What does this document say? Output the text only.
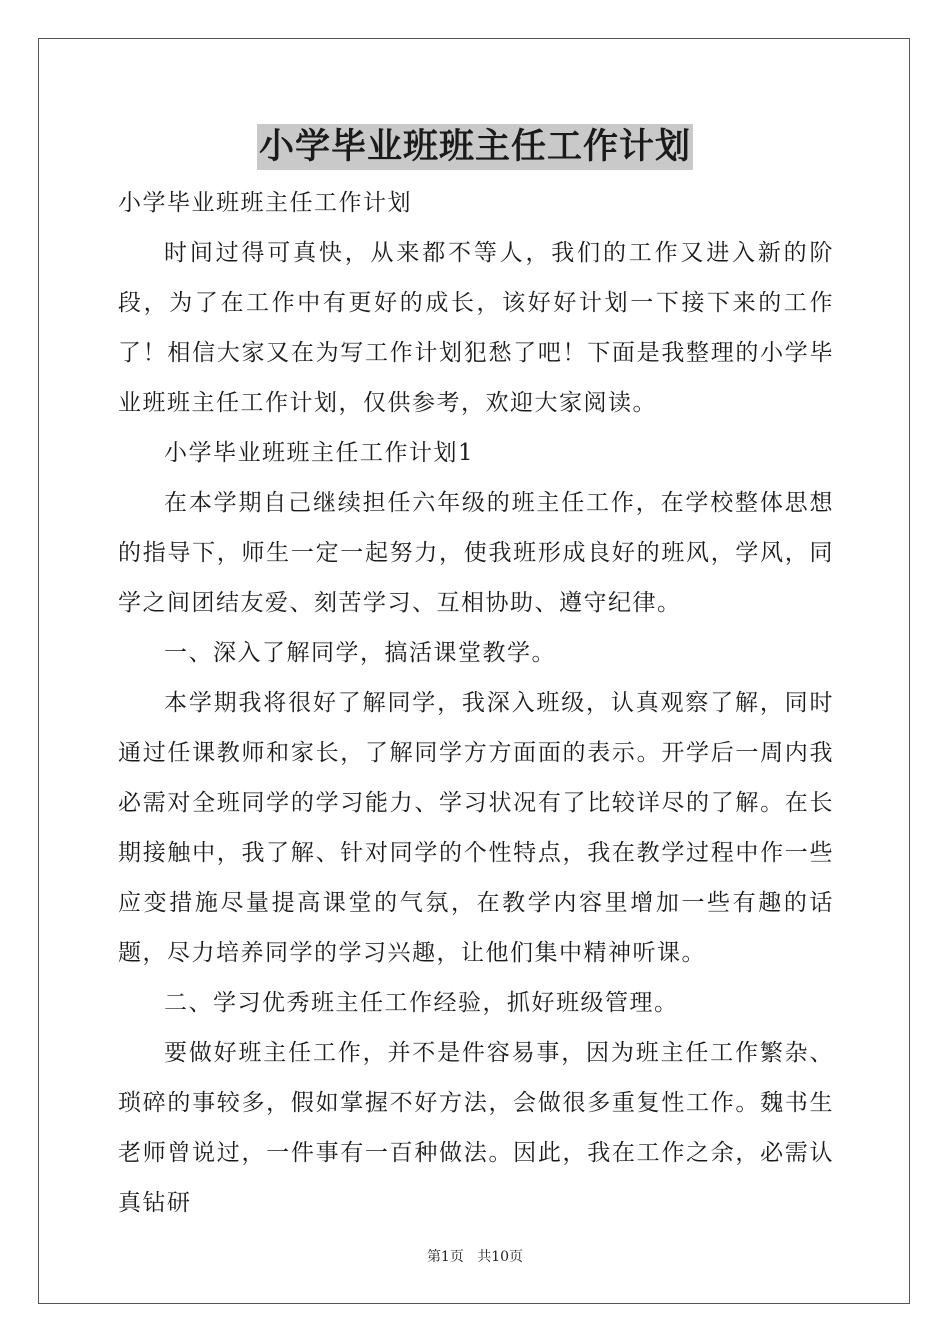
小学毕业班班主任工作计划

小学毕业班班主任工作计划

时间过得可真快，从来都不等人，我们的工作又进入新的阶段，为了在工作中有更好的成长，该好好计划一下接下来的工作了！相信大家又在为写工作计划犯愁了吧！下面是我整理的小学毕业班班主任工作计划，仅供参考，欢迎大家阅读。

小学毕业班班主任工作计划1

在本学期自己继续担任六年级的班主任工作，在学校整体思想的指导下，师生一定一起努力，使我班形成良好的班风，学风，同学之间团结友爱、刻苦学习、互相协助、遵守纪律。

一、深入了解同学，搞活课堂教学。

本学期我将很好了解同学，我深入班级，认真观察了解，同时通过任课教师和家长，了解同学方方面面的表示。开学后一周内我必需对全班同学的学习能力、学习状况有了比较详尽的了解。在长期接触中，我了解、针对同学的个性特点，我在教学过程中作一些应变措施尽量提高课堂的气氛，在教学内容里增加一些有趣的话题，尽力培养同学的学习兴趣，让他们集中精神听课。

二、学习优秀班主任工作经验，抓好班级管理。

要做好班主任工作，并不是件容易事，因为班主任工作繁杂、琐碎的事较多，假如掌握不好方法，会做很多重复性工作。魏书生老师曾说过，一件事有一百种做法。因此，我在工作之余，必需认真钻研

第1页 共10页
